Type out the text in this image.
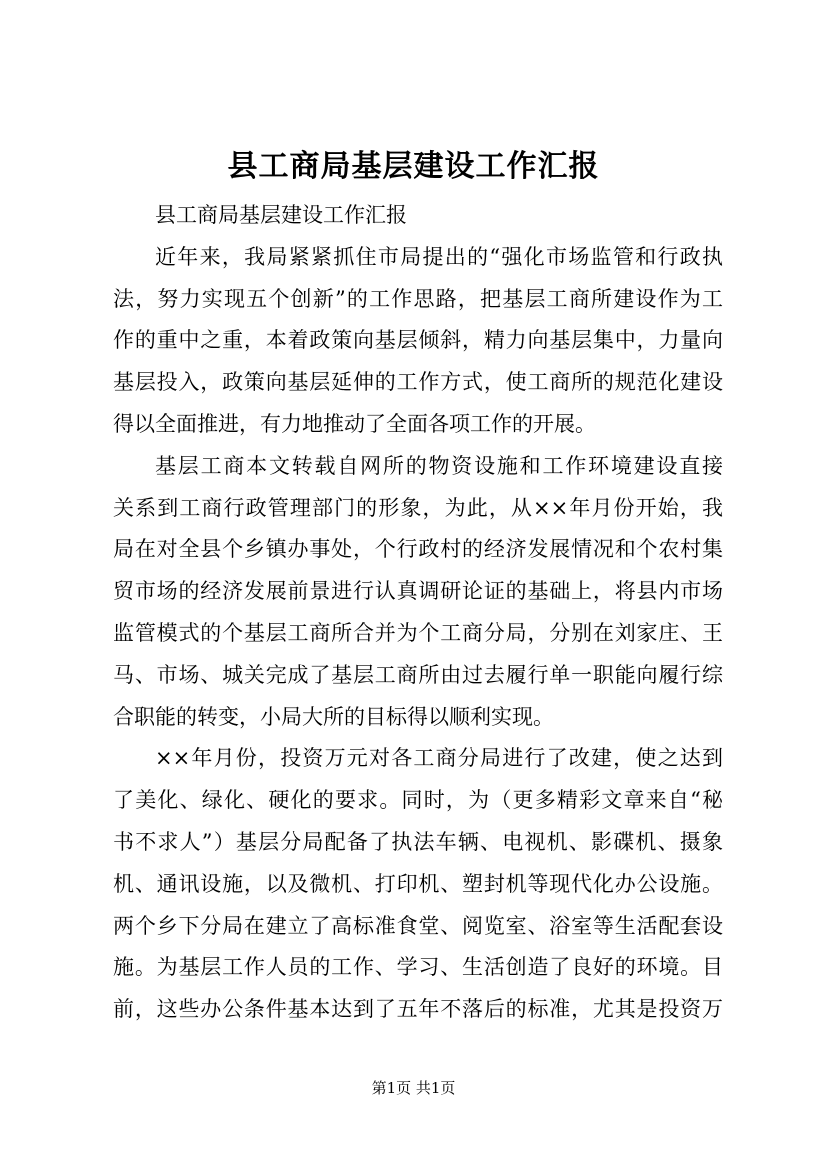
县工商局基层建设工作汇报
县工商局基层建设工作汇报
近年来，我局紧紧抓住市局提出的“强化市场监管和行政执
法，努力实现五个创新”的工作思路，把基层工商所建设作为工
作的重中之重，本着政策向基层倾斜，精力向基层集中，力量向
基层投入，政策向基层延伸的工作方式，使工商所的规范化建设
得以全面推进，有力地推动了全面各项工作的开展。
基层工商本文转载自网所的物资设施和工作环境建设直接
关系到工商行政管理部门的形象，为此，从××年月份开始，我
局在对全县个乡镇办事处，个行政村的经济发展情况和个农村集
贸市场的经济发展前景进行认真调研论证的基础上，将县内市场
监管模式的个基层工商所合并为个工商分局，分别在刘家庄、王
马、市场、城关完成了基层工商所由过去履行单一职能向履行综
合职能的转变，小局大所的目标得以顺利实现。
××年月份，投资万元对各工商分局进行了改建，使之达到
了美化、绿化、硬化的要求。同时，为（更多精彩文章来自“秘
书不求人”）基层分局配备了执法车辆、电视机、影碟机、摄象
机、通讯设施，以及微机、打印机、塑封机等现代化办公设施。
两个乡下分局在建立了高标准食堂、阅览室、浴室等生活配套设
施。为基层工作人员的工作、学习、生活创造了良好的环境。目
前，这些办公条件基本达到了五年不落后的标准，尤其是投资万
第1页 共1页
